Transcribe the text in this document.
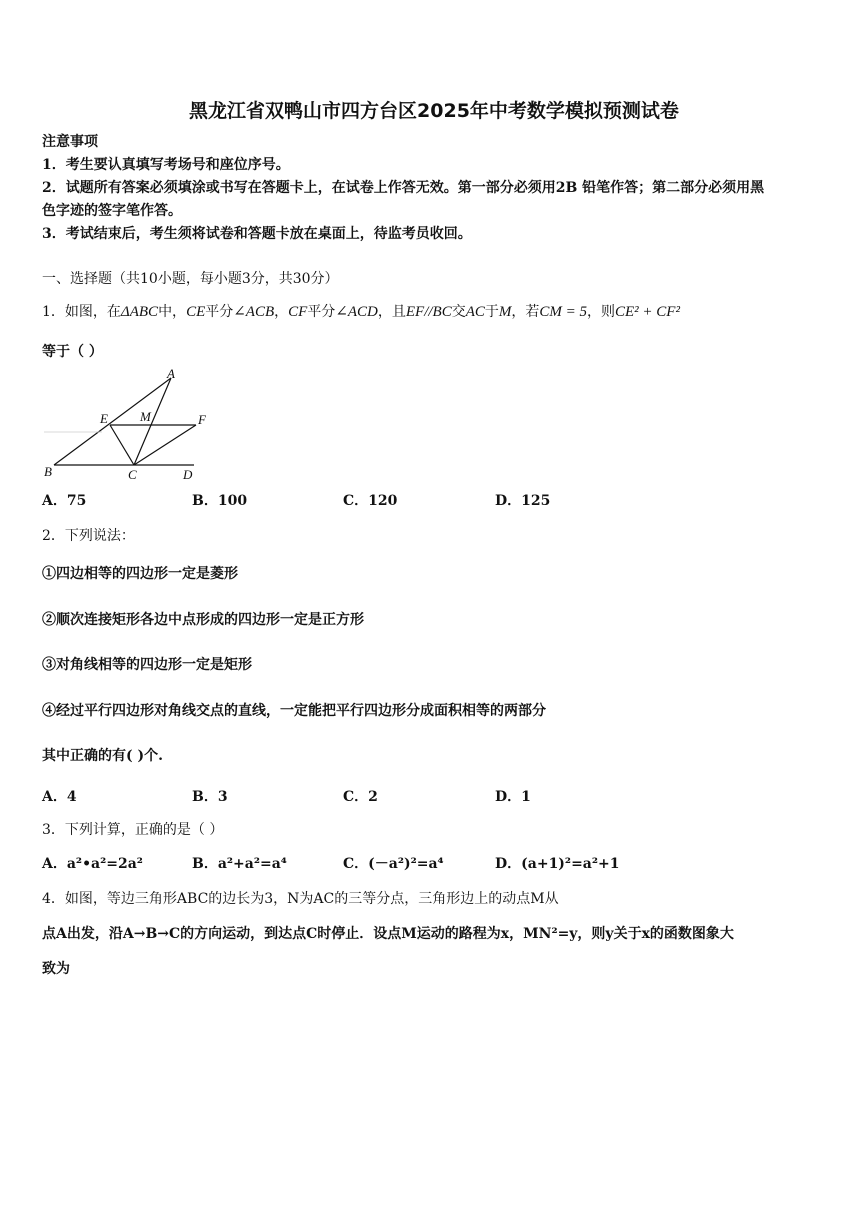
黑龙江省双鸭山市四方台区2025年中考数学模拟预测试卷
注意事项
1．考生要认真填写考场号和座位序号。
2．试题所有答案必须填涂或书写在答题卡上，在试卷上作答无效。第一部分必须用2B 铅笔作答；第二部分必须用黑
色字迹的签字笔作答。
3．考试结束后，考生须将试卷和答题卡放在桌面上，待监考员收回。
一、选择题（共10小题，每小题3分，共30分）
1．如图，在ΔABC中，CE平分∠ACB，CF平分∠ACD，且EF//BC交AC于M，若CM = 5，则CE² + CF²
等于（ ）
A
M
E	F
B	C	D
A．75	B．100	C．120	D．125
2．下列说法：
①四边相等的四边形一定是菱形
②顺次连接矩形各边中点形成的四边形一定是正方形
③对角线相等的四边形一定是矩形
④经过平行四边形对角线交点的直线，一定能把平行四边形分成面积相等的两部分
其中正确的有( )个.
A．4	B．3	C．2	D．1
3．下列计算，正确的是（ ）
A．a²•a²=2a²	B．a²+a²=a⁴	C．(－a²)²=a⁴	D．(a+1)²=a²+1
4．如图，等边三角形ABC的边长为3，N为AC的三等分点，三角形边上的动点M从
点A出发，沿A→B→C的方向运动，到达点C时停止．设点M运动的路程为x，MN²=y，则y关于x的函数图象大
致为
